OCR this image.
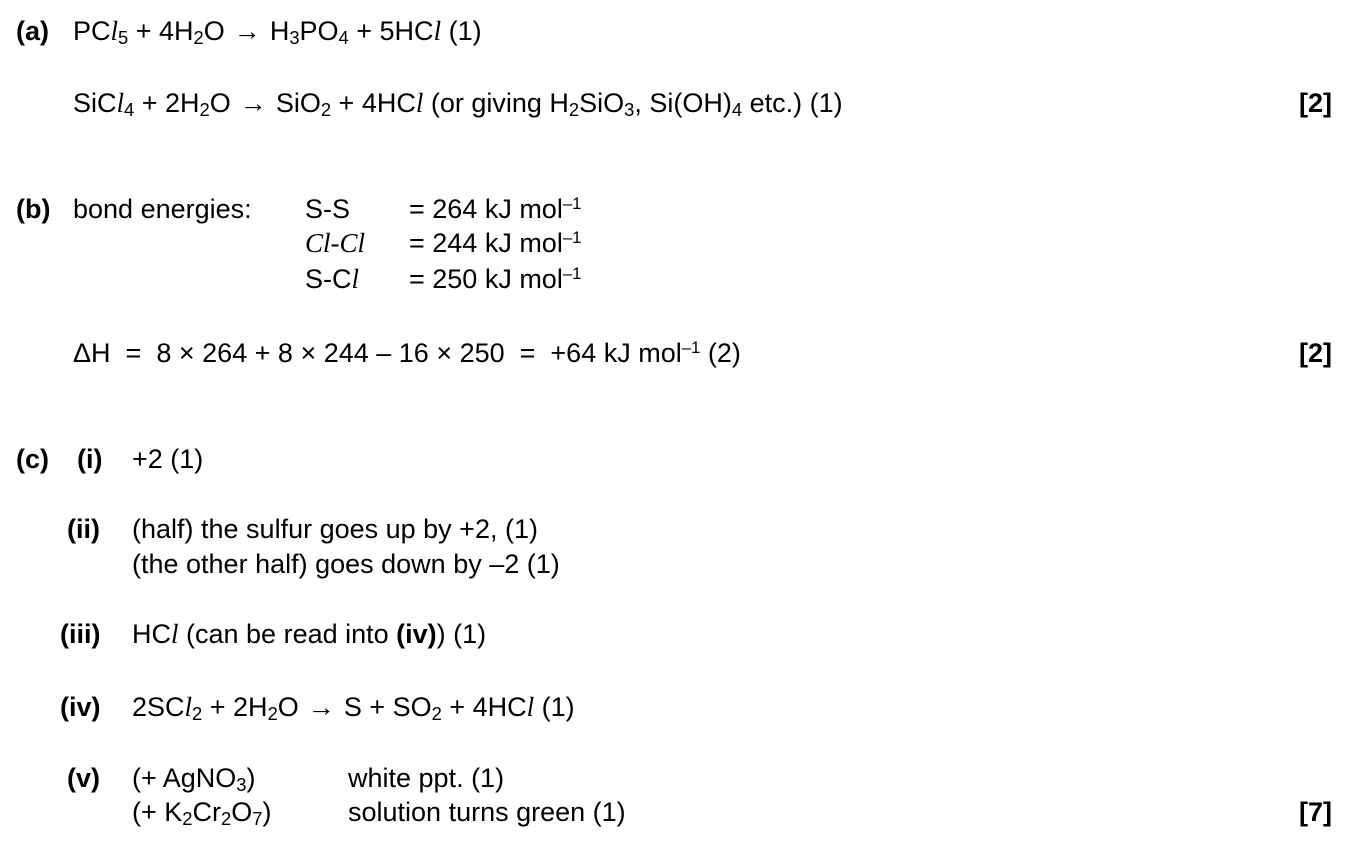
(a) $PCl_5 + 4H_2O \to H_3PO_4 + 5HCl$ (1)
SiCl$_4$ + $2H_2O \to SiO_2 + 4HCl$ (or giving $H_2SiO_3$, $Si(OH)_4$ etc.) (1)	[2]
(b) bond energies: S-S = 264 kJ mol$^{-1}$
Cl-Cl = 244 kJ mol$^{-1}$
S-Cl = 250 kJ mol$^{-1}$
ΔH  =  8 × 264 + 8 × 244 – 16 × 250  =  +64 kJ mol$^{-1}$ (2)	[2]
(c) (i) +2 (1)
(ii) (half) the sulfur goes up by +2, (1)
(the other half) goes down by –2 (1)
(iii) HCl (can be read into (iv)) (1)
(iv) $2SCl_2 + 2H_2O \to S + SO_2 + 4HCl$ (1)
(v) (+ AgNO$_3$)	white ppt. (1)
(+ $K_2Cr_2O_7$)	solution turns green (1)	[7]
